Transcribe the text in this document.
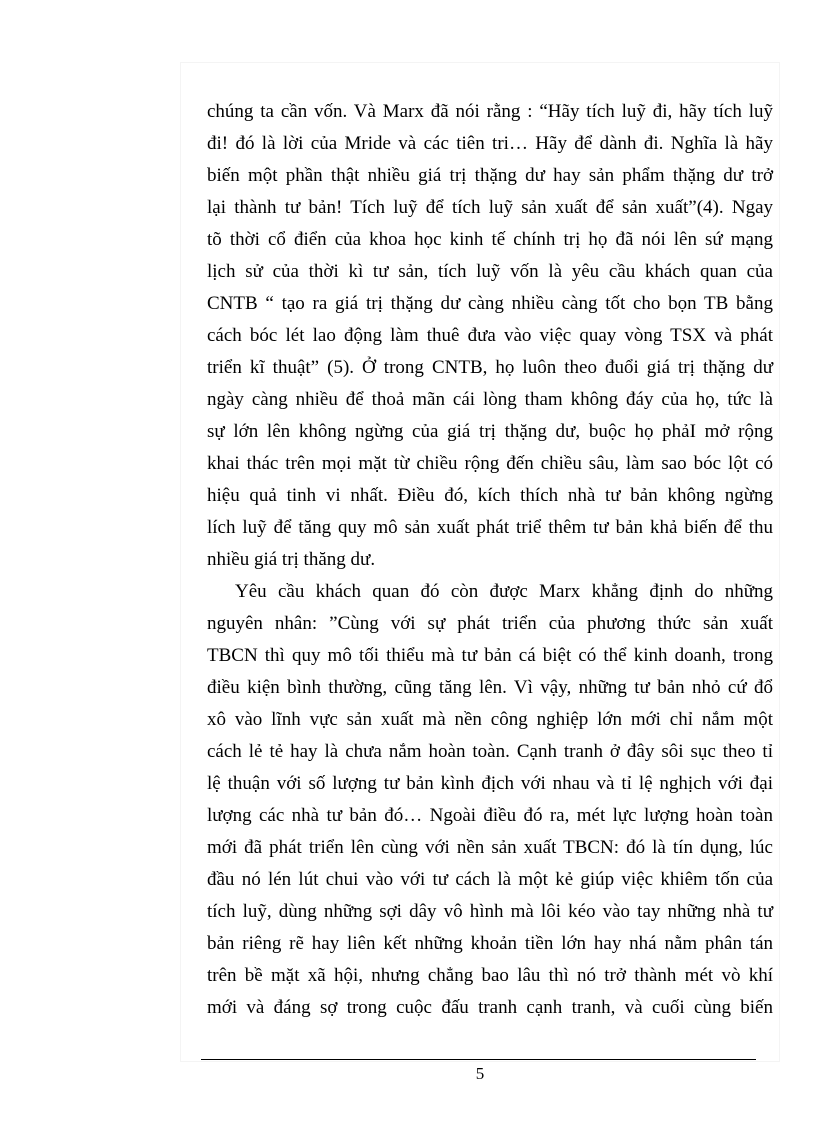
chúng ta cần vốn. Và Marx đã nói rằng : “Hãy tích luỹ đi, hãy tích luỹ
đi! đó là lời của Mride và các tiên tri… Hãy để dành đi. Nghĩa là hãy
biến một phần thật nhiều giá trị thặng dư hay sản phẩm thặng dư trở
lại thành tư bản! Tích luỹ để tích luỹ sản xuất để sản xuất”(4). Ngay
tõ thời cổ điển của khoa học kinh tế chính trị họ đã nói lên sứ mạng
lịch sử của thời kì tư sản, tích luỹ vốn là yêu cầu khách quan của
CNTB “ tạo ra giá trị thặng dư càng nhiều càng tốt cho bọn TB bằng
cách bóc lét lao động làm thuê đưa vào việc quay vòng TSX và phát
triển kĩ thuật” (5). Ở trong CNTB, họ luôn theo đuổi giá trị thặng dư
ngày càng nhiều để thoả mãn cái lòng tham không đáy của họ, tức là
sự lớn lên không ngừng của giá trị thặng dư, buộc họ phảI mở rộng
khai thác trên mọi mặt từ chiều rộng đến chiều sâu, làm sao bóc lột có
hiệu quả tinh vi nhất. Điều đó, kích thích nhà tư bản không ngừng
lích luỹ để tăng quy mô sản xuất phát triể thêm tư bản khả biến để thu
nhiều giá trị thăng dư.
Yêu cầu khách quan đó còn được Marx khẳng định do những
nguyên nhân: ”Cùng với sự phát triển của phương thức sản xuất
TBCN thì quy mô tối thiểu mà tư bản cá biệt có thể kinh doanh, trong
điều kiện bình thường, cũng tăng lên. Vì vậy, những tư bản nhỏ cứ đổ
xô vào lĩnh vực sản xuất mà nền công nghiệp lớn mới chỉ nắm một
cách lẻ tẻ hay là chưa nắm hoàn toàn. Cạnh tranh ở đây sôi sục theo tỉ
lệ thuận với số lượng tư bản kình địch với nhau và tỉ lệ nghịch với đại
lượng các nhà tư bản đó… Ngoài điều đó ra, mét lực lượng hoàn toàn
mới đã phát triển lên cùng với nền sản xuất TBCN: đó là tín dụng, lúc
đầu nó lén lút chui vào với tư cách là một kẻ giúp việc khiêm tốn của
tích luỹ, dùng những sợi dây vô hình mà lôi kéo vào tay những nhà tư
bản riêng rẽ hay liên kết những khoản tiền lớn hay nhá nằm phân tán
trên bề mặt xã hội, nhưng chẳng bao lâu thì nó trở thành mét vò khí
mới và đáng sợ trong cuộc đấu tranh cạnh tranh, và cuối cùng biến
5
